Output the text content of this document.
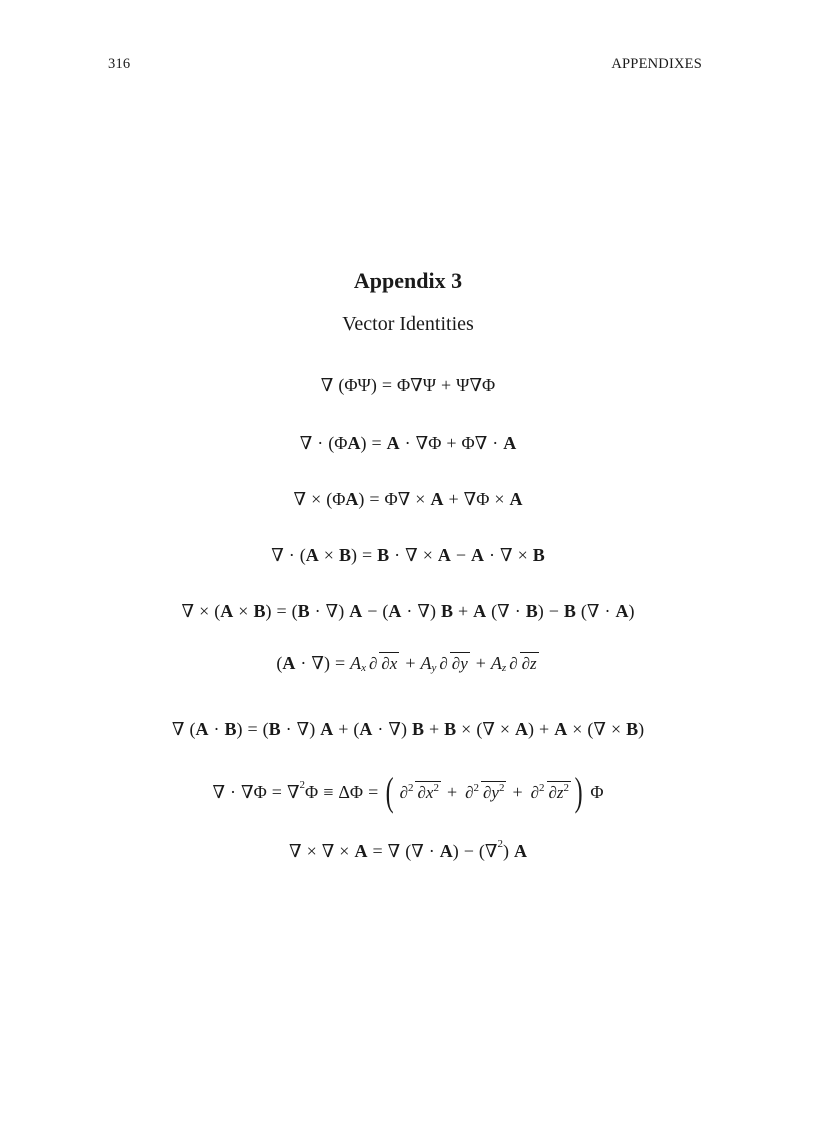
316	APPENDIXES
Appendix 3
Vector Identities
∇ ( Φ Ψ ) = Φ ∇ Ψ + Ψ ∇ Φ
∇ · ( Φ A ) = A · ∇ Φ + Φ ∇ · A
∇ × ( Φ A ) = Φ ∇ × A + ∇ Φ × A
∇ · ( A × B ) = B · ∇ × A − A · ∇ × B
∇ × ( A × B ) = ( B · ∇ ) A − ( A · ∇ ) B + A ( ∇ · B ) − B ( ∇ · A )
( A · ∇ ) = A x ∂ ∂x + A y ∂ ∂y + A z ∂ ∂z
∇ ( A · B ) = ( B · ∇ ) A + ( A · ∇ ) B + B × ( ∇ × A ) + A × ( ∇ × B )
∇ · ∇ Φ = ∇ 2 Φ ≡ Δ Φ = ( ∂2 ∂x2 + ∂2 ∂y2 + ∂2 ∂z2 ) Φ
∇ × ∇ × A = ∇ ( ∇ · A ) − ( ∇ 2 ) A
